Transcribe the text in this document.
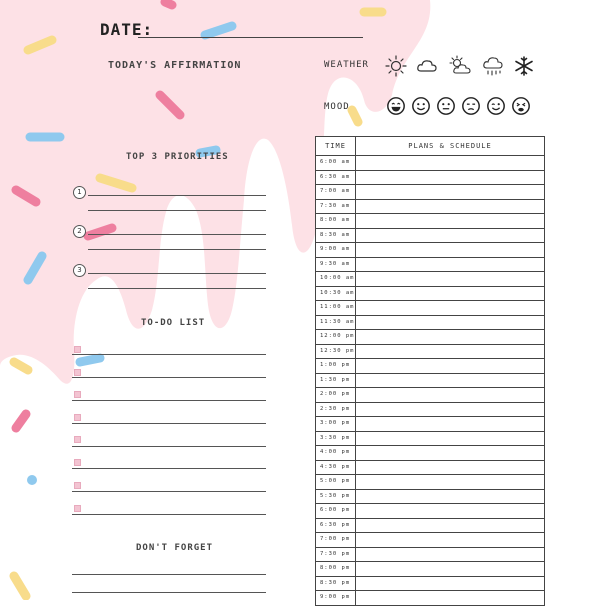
DATE:
TODAY'S AFFIRMATION
TOP 3 PRIORITIES
1
2
3
TO-DO LIST
DON'T FORGET
WEATHER
MOOD
TIME	PLANS & SCHEDULE
6:00 am	
6:30 am	
7:00 am	
7:30 am	
8:00 am	
8:30 am	
9:00 am	
9:30 am	
10:00 am	
10:30 am	
11:00 am	
11:30 am	
12:00 pm	
12:30 pm	
1:00 pm	
1:30 pm	
2:00 pm	
2:30 pm	
3:00 pm	
3:30 pm	
4:00 pm	
4:30 pm	
5:00 pm	
5:30 pm	
6:00 pm	
6:30 pm	
7:00 pm	
7:30 pm	
8:00 pm	
8:30 pm	
9:00 pm	
